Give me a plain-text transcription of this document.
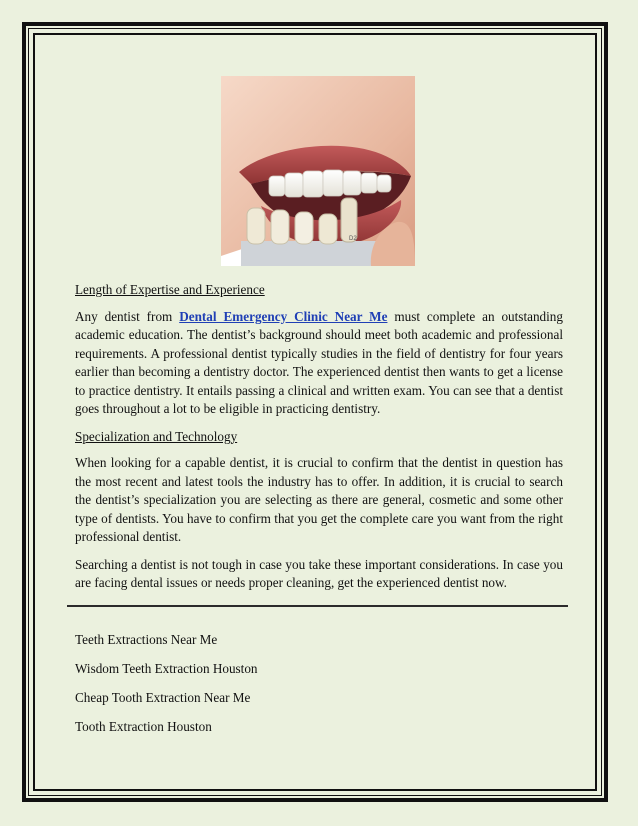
D2

Length of Expertise and Experience

Any dentist from Dental Emergency Clinic Near Me must complete an outstanding academic education. The dentist’s background should meet both academic and professional requirements. A professional dentist typically studies in the field of dentistry for four years earlier than becoming a dentistry doctor. The experienced dentist then wants to get a license to practice dentistry. It entails passing a clinical and written exam. You can see that a dentist goes throughout a lot to be eligible in practicing dentistry.

Specialization and Technology

When looking for a capable dentist, it is crucial to confirm that the dentist in question has the most recent and latest tools the industry has to offer. In addition, it is crucial to search the dentist’s specialization you are selecting as there are general, cosmetic and some other type of dentists. You have to confirm that you get the complete care you want from the right professional dentist.

Searching a dentist is not tough in case you take these important considerations. In case you are facing dental issues or needs proper cleaning, get the experienced dentist now.

Teeth Extractions Near Me
Wisdom Teeth Extraction Houston
Cheap Tooth Extraction Near Me
Tooth Extraction Houston
